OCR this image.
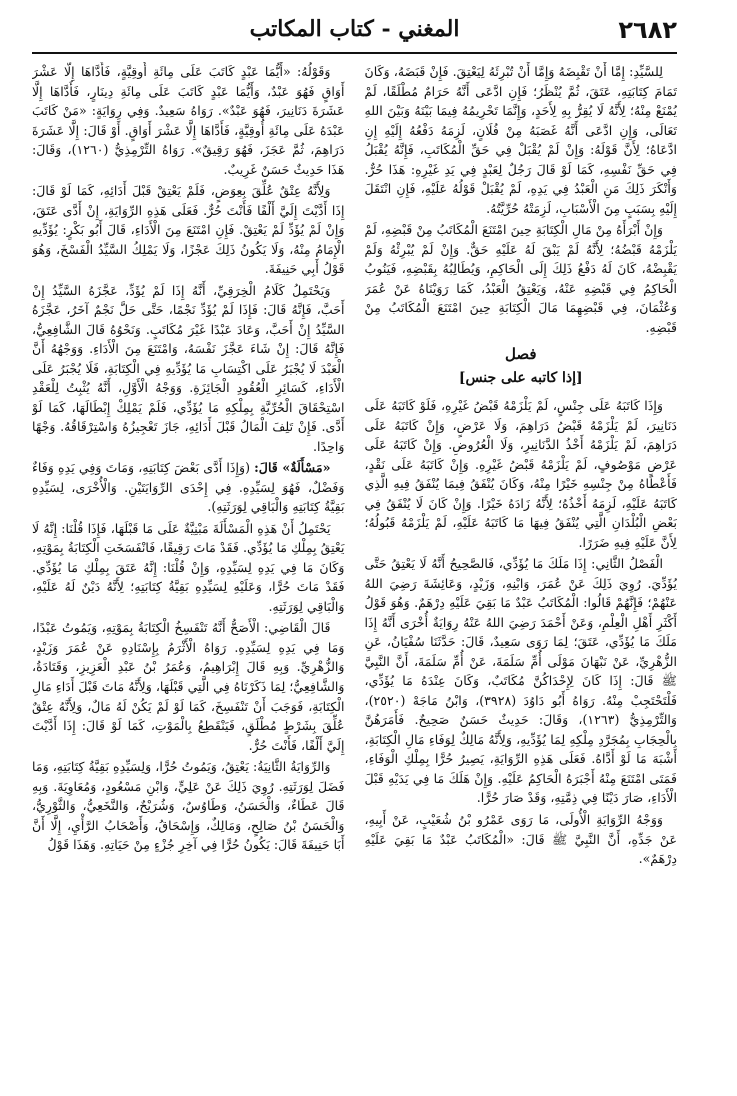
٢٦٨٢
المغني - كتاب المكاتب

لِلسَّيِّدِ: إِمَّا أَنْ تَقْبِضَهُ وَإِمَّا أَنْ تُبْرِئَهُ لِيَعْتِقَ. فَإِنْ قَبَضَهُ، وَكَانَ تَمَامَ كِتَابَتِهِ، عَتَقَ، ثُمَّ يُنْظَرُ؛ فَإِنِ ادَّعَى أَنَّهُ حَرَامٌ مُطْلَقًا، لَمْ يُمْنَعْ مِنْهُ؛ لِأَنَّهُ لَا يُقِرُّ بِهِ لِأَحَدٍ، وَإِنَّمَا تَحْرِيمُهُ فِيمَا بَيْنَهُ وَبَيْنَ اللهِ تَعَالَى، وَإِنِ ادَّعَى أَنَّهُ غَصَبَهُ مِنْ فُلَانٍ، لَزِمَهُ دَفْعُهُ إِلَيْهِ إِنِ ادَّعَاهُ؛ لِأَنَّ قَوْلَهُ: وَإِنْ لَمْ يُقْبَلْ فِي حَقِّ الْمُكَاتَبِ، فَإِنَّهُ يُقْبَلُ فِي حَقِّ نَفْسِهِ، كَمَا لَوْ قَالَ رَجُلٌ لِعَبْدٍ فِي يَدِ غَيْرِهِ: هَذَا حُرٌّ. وَأَنْكَرَ ذَلِكَ مَنِ الْعَبْدُ فِي يَدِهِ، لَمْ يُقْبَلْ قَوْلُهُ عَلَيْهِ، فَإِنِ انْتَقَلَ إِلَيْهِ بِسَبَبٍ مِنَ الْأَسْبَابِ، لَزِمَتْهُ حُرِّيَّتُهُ.

وَإِنْ أَبْرَأَهُ مِنْ مَالِ الْكِتَابَةِ حِينَ امْتَنَعَ الْمُكَاتَبُ مِنْ قَبْضِهِ، لَمْ يَلْزَمْهُ قَبْضُهُ؛ لِأَنَّهُ لَمْ يَبْقَ لَهُ عَلَيْهِ حَقٌّ. وَإِنْ لَمْ يُبْرِئْهُ وَلَمْ يَقْبِضْهُ، كَانَ لَهُ دَفْعُ ذَلِكَ إِلَى الْحَاكِمِ، وَيُطَالِبُهُ بِقَبْضِهِ، فَيَنُوبُ الْحَاكِمُ فِي قَبْضِهِ عَنْهُ، وَيَعْتِقُ الْعَبْدُ، كَمَا رَوَيْنَاهُ عَنْ عُمَرَ وَعُثْمَانَ، فِي قَبْضِهِمَا مَالَ الْكِتَابَةِ حِينَ امْتَنَعَ الْمُكَاتَبُ مِنْ قَبْضِهِ.

فصل
[إذا كاتبه على جنس]

وَإِذَا كَاتَبَهُ عَلَى جِنْسٍ، لَمْ يَلْزَمْهُ قَبْضُ غَيْرِهِ، فَلَوْ كَاتَبَهُ عَلَى دَنَانِيرَ، لَمْ يَلْزَمْهُ قَبْضُ دَرَاهِمَ، وَلَا عَرْضٍ، وَإِنْ كَاتَبَهُ عَلَى دَرَاهِمَ، لَمْ يَلْزَمْهُ أَخْذُ الدَّنَانِيرِ، وَلَا الْعُرُوضِ. وَإِنْ كَاتَبَهُ عَلَى عَرْضٍ مَوْصُوفٍ، لَمْ يَلْزَمْهُ قَبْضُ غَيْرِهِ. وَإِنْ كَاتَبَهُ عَلَى نَقْدٍ، فَأَعْطَاهُ مِنْ جِنْسِهِ خَيْرًا مِنْهُ، وَكَانَ يُنْفَقُ فِيمَا يُنْفَقُ فِيهِ الَّذِي كَاتَبَهُ عَلَيْهِ، لَزِمَهُ أَخْذُهُ؛ لِأَنَّهُ زَادَهُ خَيْرًا. وَإِنْ كَانَ لَا يُنْفَقُ فِي بَعْضِ الْبُلْدَانِ الَّتِي يُنْفَقُ فِيهَا مَا كَاتَبَهُ عَلَيْهِ، لَمْ يَلْزَمْهُ قَبُولُهُ؛ لِأَنَّ عَلَيْهِ فِيهِ ضَرَرًا.

الْفَصْلُ الثَّانِي: إِذَا مَلَكَ مَا يُؤَدِّي، فَالصَّحِيحُ أَنَّهُ لَا يَعْتِقُ حَتَّى يُؤَدِّيَ. رُوِيَ ذَلِكَ عَنْ عُمَرَ، وَابْنِهِ، وَزَيْدٍ، وَعَائِشَةَ رَضِيَ اللهُ عَنْهُمْ؛ فَإِنَّهُمْ قَالُوا: الْمُكَاتَبُ عَبْدٌ مَا بَقِيَ عَلَيْهِ دِرْهَمٌ. وَهُوَ قَوْلُ أَكْثَرِ أَهْلِ الْعِلْمِ، وَعَنْ أَحْمَدَ رَضِيَ اللهُ عَنْهُ رِوَايَةٌ أُخْرَى أَنَّهُ إِذَا مَلَكَ مَا يُؤَدِّي، عَتَقَ؛ لِمَا رَوَى سَعِيدٌ، قَالَ: حَدَّثَنَا سُفْيَانُ، عَنِ الزُّهْرِيِّ، عَنْ نَبْهَانَ مَوْلَى أُمِّ سَلَمَةَ، عَنْ أُمِّ سَلَمَةَ، أَنَّ النَّبِيَّ ﷺ قَالَ: إِذَا كَانَ لِإِحْدَاكُنَّ مُكَاتَبٌ، وَكَانَ عِنْدَهُ مَا يُؤَدِّي، فَلْتَحْتَجِبْ مِنْهُ. رَوَاهُ أَبُو دَاوُدَ (٣٩٢٨)، وَابْنُ مَاجَهْ (٢٥٢٠)، وَالتِّرْمِذِيُّ (١٢٦٣)، وَقَالَ: حَدِيثٌ حَسَنٌ صَحِيحٌ. فَأَمَرَهُنَّ بِالْحِجَابِ بِمُجَرَّدِ مِلْكِهِ لِمَا يُؤَدِّيهِ، وَلِأَنَّهُ مَالِكٌ لِوَفَاءِ مَالِ الْكِتَابَةِ، أَشْبَهَ مَا لَوْ أَدَّاهُ. فَعَلَى هَذِهِ الرِّوَايَةِ، يَصِيرُ حُرًّا بِمِلْكِ الْوَفَاءِ، فَمَتَى امْتَنَعَ مِنْهُ أَجْبَرَهُ الْحَاكِمُ عَلَيْهِ. وَإِنْ هَلَكَ مَا فِي يَدَيْهِ قَبْلَ الْأَدَاءِ، صَارَ دَيْنًا فِي ذِمَّتِهِ، وَقَدْ صَارَ حُرًّا.

وَوَجْهُ الرِّوَايَةِ الْأُولَى، مَا رَوَى عَمْرُو بْنُ شُعَيْبٍ، عَنْ أَبِيهِ، عَنْ جَدِّهِ، أَنَّ النَّبِيَّ ﷺ قَالَ: «الْمُكَاتَبُ عَبْدٌ مَا بَقِيَ عَلَيْهِ دِرْهَمٌ».

وَقَوْلُهُ: «أَيُّمَا عَبْدٍ كَاتَبَ عَلَى مِائَةِ أُوقِيَّةٍ، فَأَدَّاهَا إِلَّا عَشْرَ أَوَاقٍ فَهُوَ عَبْدٌ، وَأَيُّمَا عَبْدٍ كَاتَبَ عَلَى مِائَةِ دِينَارٍ، فَأَدَّاهَا إِلَّا عَشَرَةَ دَنَانِيرَ، فَهُوَ عَبْدٌ». رَوَاهُ سَعِيدٌ. وَفِي رِوَايَةٍ: «مَنْ كَاتَبَ عَبْدَهُ عَلَى مِائَةِ أُوقِيَّةٍ، فَأَدَّاهَا إِلَّا عَشْرَ أَوَاقٍ. أَوْ قَالَ: إِلَّا عَشَرَةَ دَرَاهِمَ، ثُمَّ عَجَزَ، فَهُوَ رَقِيقٌ». رَوَاهُ التِّرْمِذِيُّ (١٢٦٠)، وَقَالَ: هَذَا حَدِيثٌ حَسَنٌ غَرِيبٌ.

وَلِأَنَّهُ عِتْقٌ عُلِّقَ بِعِوَضٍ، فَلَمْ يَعْتِقْ قَبْلَ أَدَائِهِ، كَمَا لَوْ قَالَ: إِذَا أَدَّيْتَ إِلَيَّ أَلْفًا فَأَنْتَ حُرٌّ. فَعَلَى هَذِهِ الرِّوَايَةِ، إِنْ أَدَّى عَتَقَ، وَإِنْ لَمْ يُؤَدِّ لَمْ يَعْتِقْ. فَإِنِ امْتَنَعَ مِنَ الْأَدَاءِ، قَالَ أَبُو بَكْرٍ: يُؤَدِّيهِ الْإِمَامُ مِنْهُ، وَلَا يَكُونُ ذَلِكَ عَجْزًا، وَلَا يَمْلِكُ السَّيِّدُ الْفَسْخَ، وَهُوَ قَوْلُ أَبِي حَنِيفَةَ.

وَيَحْتَمِلُ كَلَامُ الْخِرَقِيِّ، أَنَّهُ إِذَا لَمْ يُؤَدِّ، عَجَّزَهُ السَّيِّدُ إِنْ أَحَبَّ، فَإِنَّهُ قَالَ: فَإِذَا لَمْ يُؤَدِّ نَجْمًا، حَتَّى حَلَّ نَجْمٌ آخَرُ، عَجَّزَهُ السَّيِّدُ إِنْ أَحَبَّ، وَعَادَ عَبْدًا غَيْرَ مُكَاتَبٍ. وَنَحْوُهُ قَالَ الشَّافِعِيُّ، فَإِنَّهُ قَالَ: إِنْ شَاءَ عَجَّزَ نَفْسَهُ، وَامْتَنَعَ مِنَ الْأَدَاءِ. وَوَجْهُهُ أَنَّ الْعَبْدَ لَا يُجْبَرُ عَلَى اكْتِسَابِ مَا يُؤَدِّيهِ فِي الْكِتَابَةِ، فَلَا يُجْبَرُ عَلَى الْأَدَاءِ، كَسَائِرِ الْعُقُودِ الْجَائِزَةِ. وَوَجْهُ الْأَوَّلِ، أَنَّهُ يُثْبِتُ لِلْعَقْدِ اسْتِحْقَاقَ الْحُرِّيَّةِ بِمِلْكِهِ مَا يُؤَدِّي، فَلَمْ يَمْلِكْ إِبْطَالَهَا، كَمَا لَوْ أَدَّى. فَإِنْ تَلِفَ الْمَالُ قَبْلَ أَدَائِهِ، جَازَ تَعْجِيزُهُ وَاسْتِرْقَاقُهُ. وَجْهًا وَاحِدًا.

«مَسْأَلَةٌ» قَالَ: (وَإِذَا أَدَّى بَعْضَ كِتَابَتِهِ، وَمَاتَ وَفِي يَدِهِ وَفَاءٌ وَفَضْلٌ، فَهُوَ لِسَيِّدِهِ. فِي إِحْدَى الرِّوَايَتَيْنِ. وَالْأُخْرَى، لِسَيِّدِهِ بَقِيَّةُ كِتَابَتِهِ وَالْبَاقِي لِوَرَثَتِهِ).

يَحْتَمِلُ أَنْ هَذِهِ الْمَسْأَلَةَ مَبْنِيَّةٌ عَلَى مَا قَبْلَهَا، فَإِذَا قُلْنَا: إِنَّهُ لَا يَعْتِقُ بِمِلْكِ مَا يُؤَدِّي. فَقَدْ مَاتَ رَقِيقًا، فَانْفَسَخَتِ الْكِتَابَةُ بِمَوْتِهِ، وَكَانَ مَا فِي يَدِهِ لِسَيِّدِهِ، وَإِنْ قُلْنَا: إِنَّهُ عَتَقَ بِمِلْكِ مَا يُؤَدِّي. فَقَدْ مَاتَ حُرًّا، وَعَلَيْهِ لِسَيِّدِهِ بَقِيَّةُ كِتَابَتِهِ؛ لِأَنَّهُ دَيْنٌ لَهُ عَلَيْهِ، وَالْبَاقِي لِوَرَثَتِهِ.

قَالَ الْقَاضِي: الْأَصَحُّ أَنَّهُ تَنْفَسِخُ الْكِتَابَةُ بِمَوْتِهِ، وَيَمُوتُ عَبْدًا، وَمَا فِي يَدِهِ لِسَيِّدِهِ. رَوَاهُ الْأَثْرَمُ بِإِسْنَادِهِ عَنْ عُمَرَ وَزَيْدٍ، وَالزُّهْرِيِّ. وَبِهِ قَالَ إِبْرَاهِيمُ، وَعُمَرُ بْنُ عَبْدِ الْعَزِيزِ، وَقَتَادَةُ، وَالشَّافِعِيُّ؛ لِمَا ذَكَرْنَاهُ فِي الَّتِي قَبْلَهَا، وَلِأَنَّهُ مَاتَ قَبْلَ أَدَاءِ مَالِ الْكِتَابَةِ، فَوَجَبَ أَنْ تَنْفَسِخَ، كَمَا لَوْ لَمْ يَكُنْ لَهُ مَالٌ، وَلِأَنَّهُ عِتْقٌ عُلِّقَ بِشَرْطٍ مُطْلَقٍ، فَيَنْقَطِعُ بِالْمَوْتِ، كَمَا لَوْ قَالَ: إِذَا أَدَّيْتَ إِلَيَّ أَلْفًا، فَأَنْتَ حُرٌّ.

وَالرِّوَايَةُ الثَّانِيَةُ: يَعْتِقُ، وَيَمُوتُ حُرًّا، وَلِسَيِّدِهِ بَقِيَّةُ كِتَابَتِهِ، وَمَا فَضَلَ لِوَرَثَتِهِ. رُوِيَ ذَلِكَ عَنْ عَلِيٍّ، وَابْنِ مَسْعُودٍ، وَمُعَاوِيَةَ. وَبِهِ قَالَ عَطَاءٌ، وَالْحَسَنُ، وَطَاوُسٌ، وَشُرَيْحٌ، وَالنَّخَعِيُّ، وَالثَّوْرِيُّ، وَالْحَسَنُ بْنُ صَالِحٍ، وَمَالِكٌ، وَإِسْحَاقُ، وَأَصْحَابُ الرَّأْيِ، إِلَّا أَنَّ أَبَا حَنِيفَةَ قَالَ: يَكُونُ حُرًّا فِي آخِرِ جُزْءٍ مِنْ حَيَاتِهِ. وَهَذَا قَوْلُ
